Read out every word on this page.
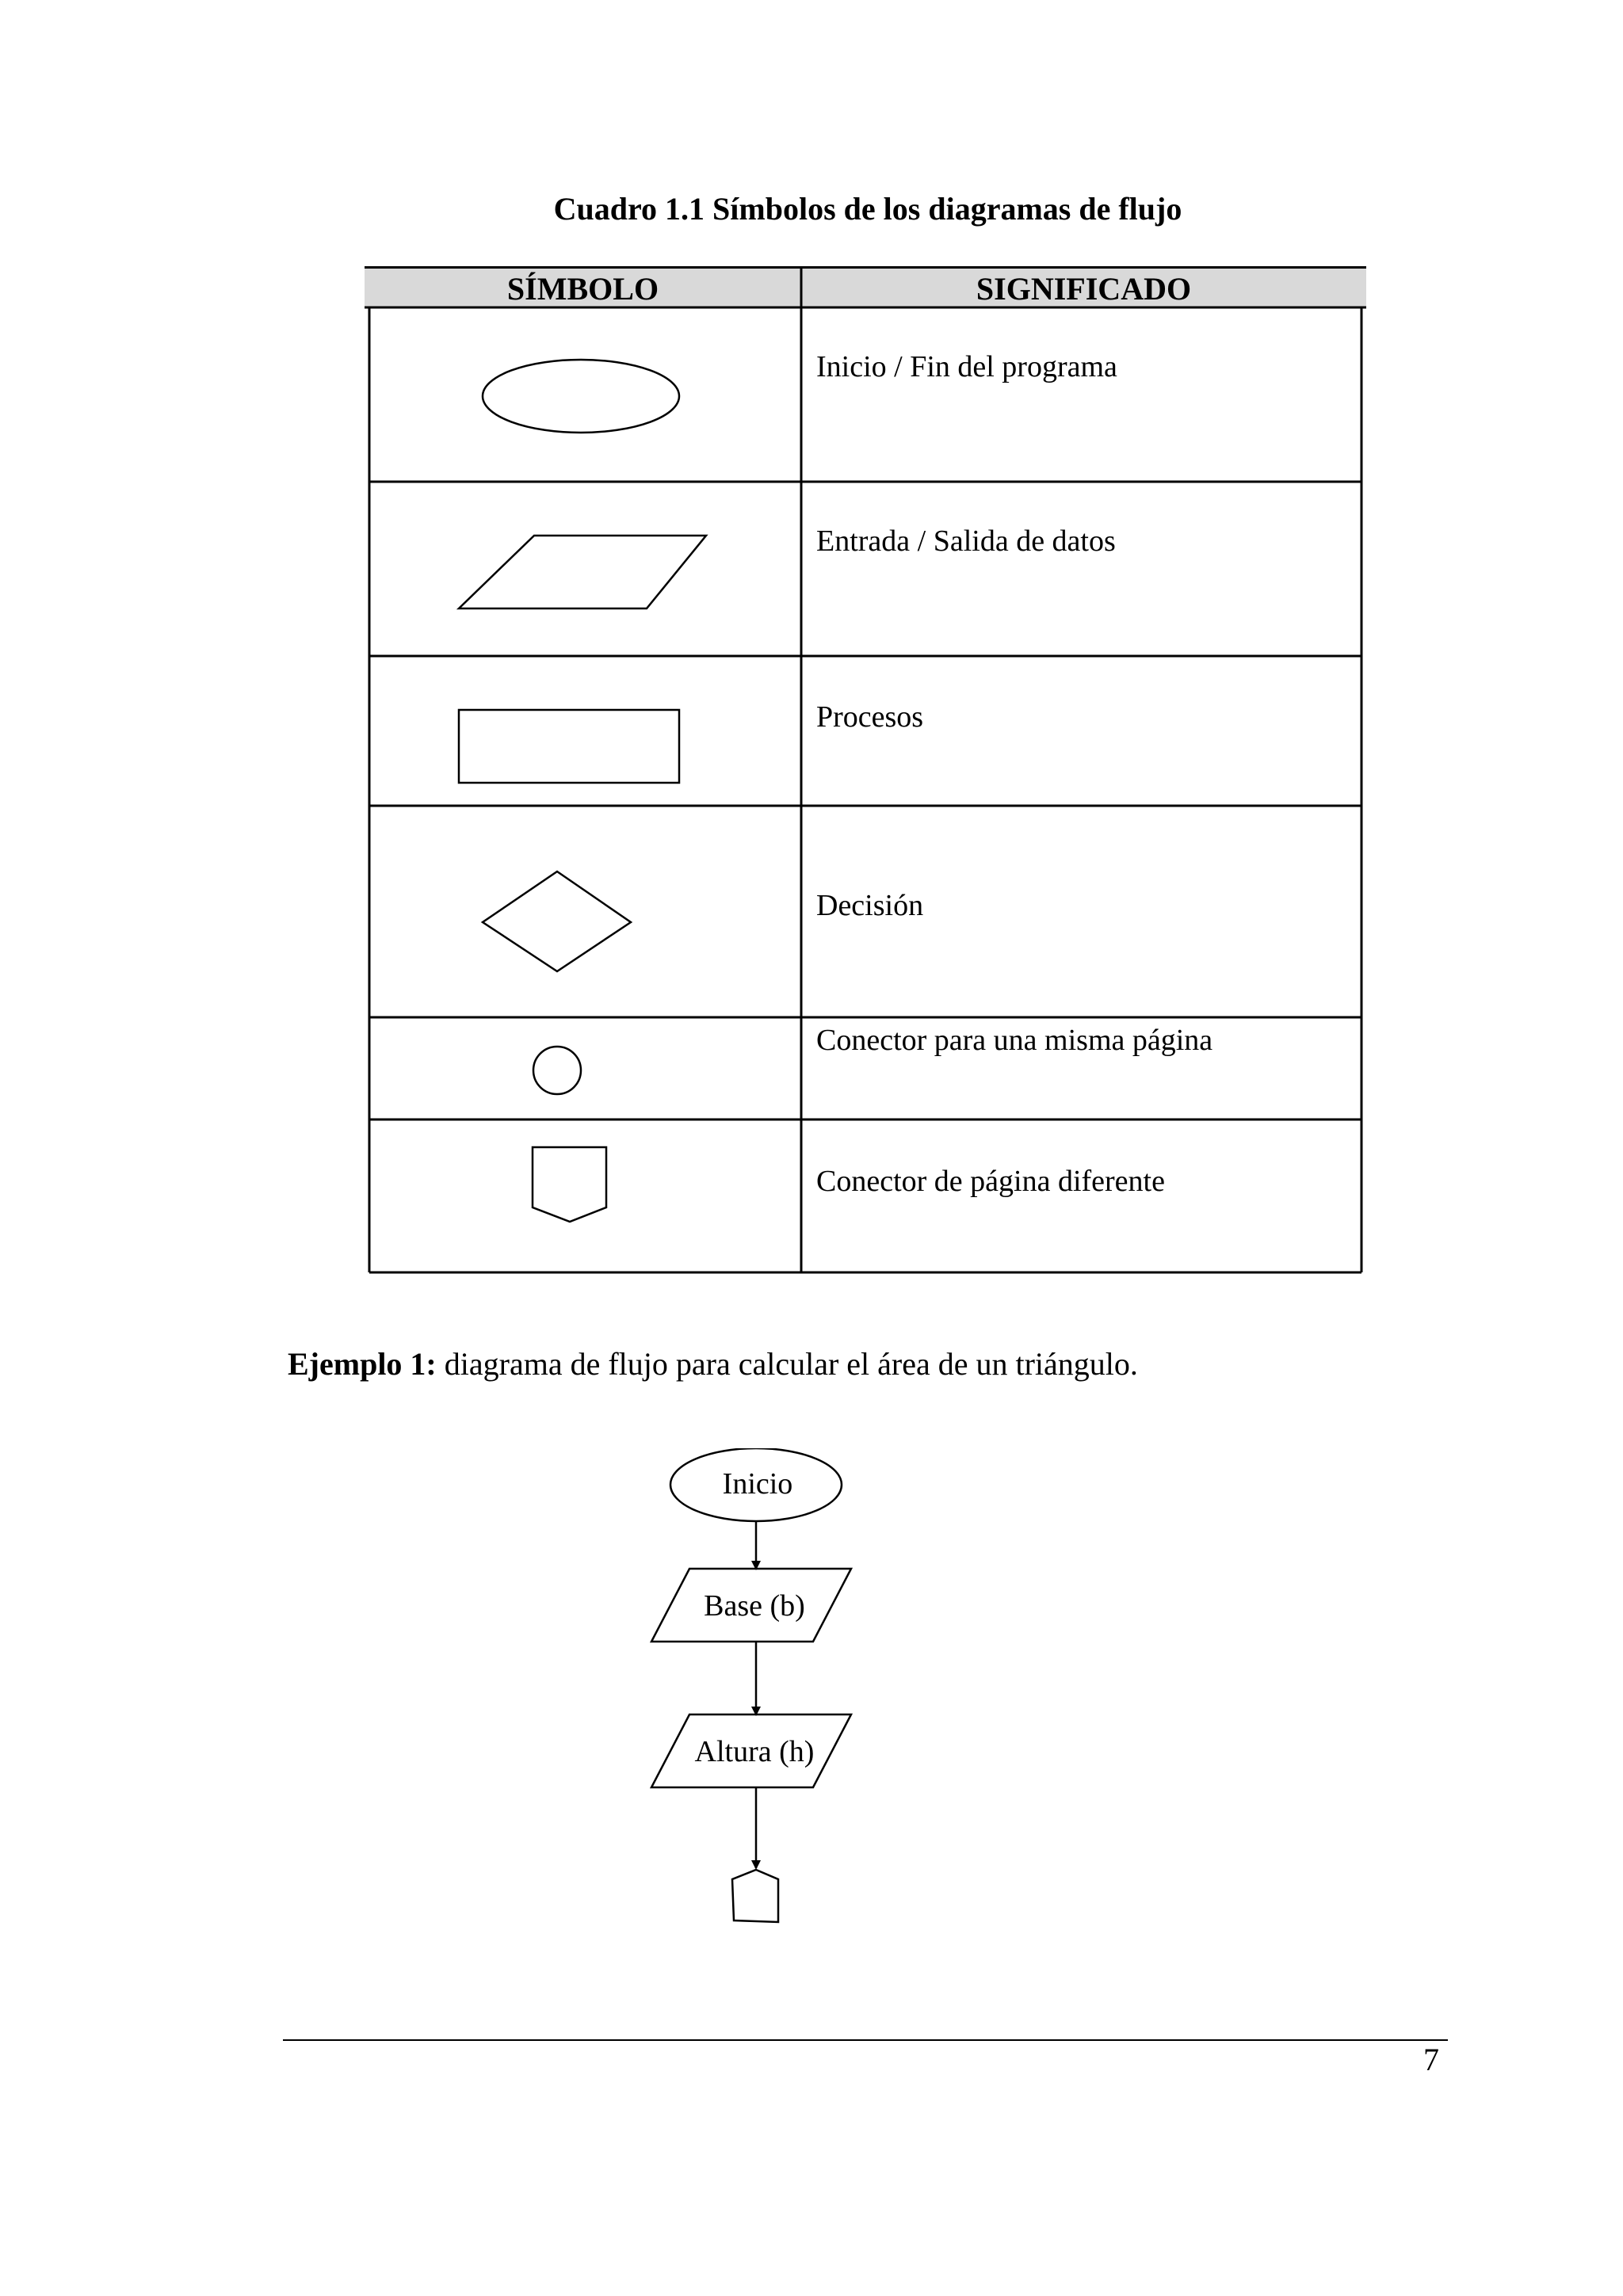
Cuadro 1.1 Símbolos de los diagramas de flujo
SÍMBOLO	SIGNIFICADO
Inicio / Fin del programa
Entrada / Salida de datos
Procesos
Decisión
Conector para una misma página
Conector de página diferente
Ejemplo 1: diagrama de flujo para calcular el área de un triángulo.
Inicio
Base (b)
Altura (h)
7
